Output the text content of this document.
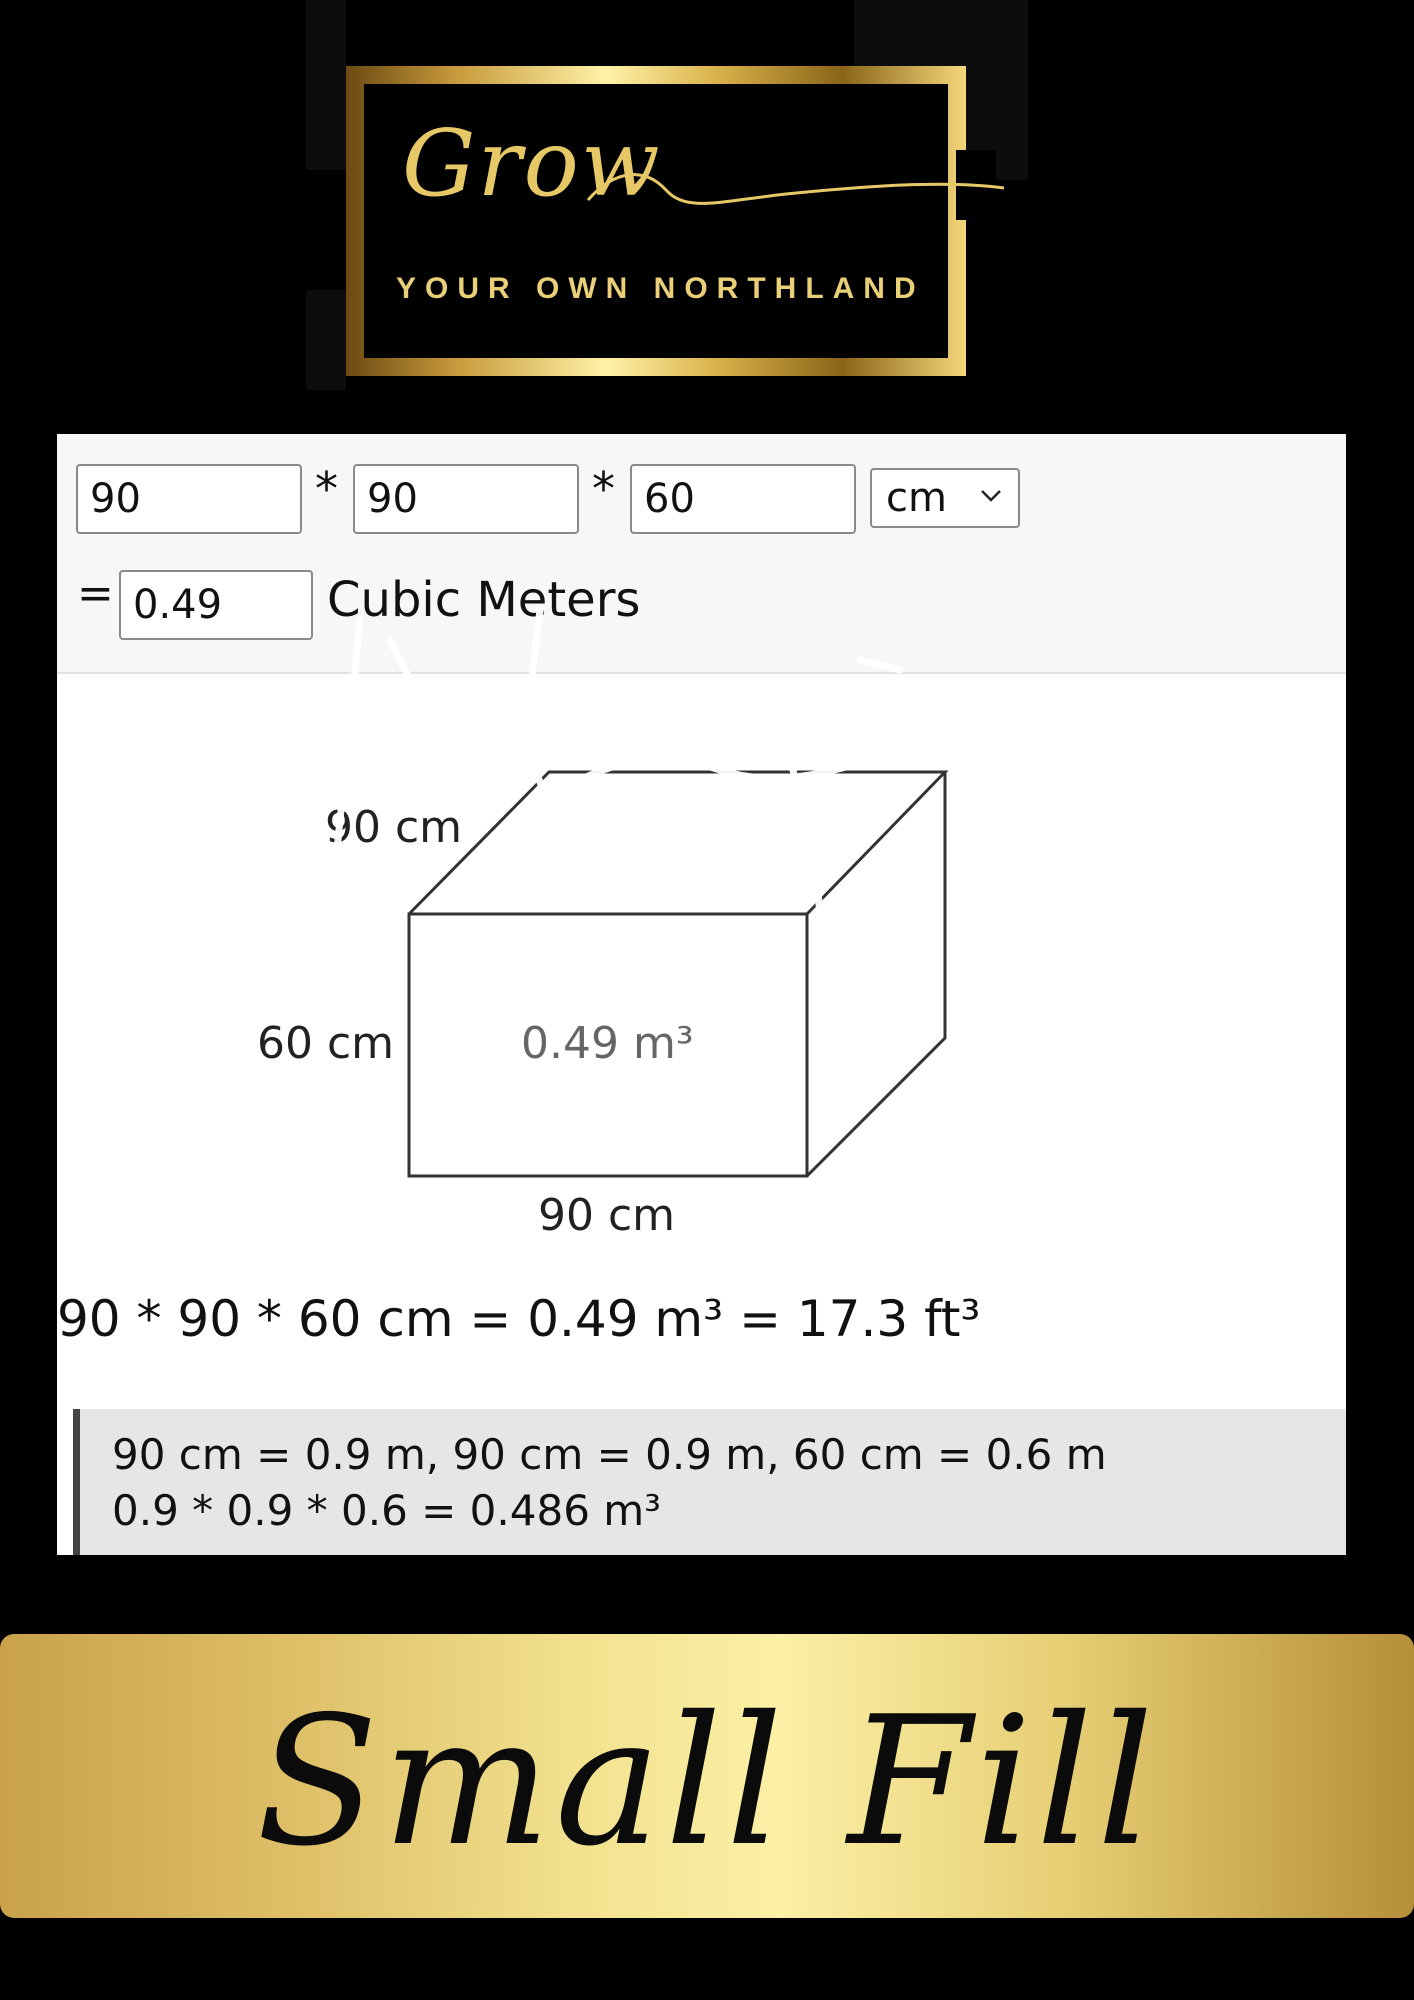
Grow
YOUR OWN NORTHLAND
90
*
90	*
60	cm
=
0.49	Cubic Meters
90 cm
60 cm
90 cm
0.49 m³
90 * 90 * 60 cm = 0.49 m³ = 17.3 ft³
90 cm = 0.9 m, 90 cm = 0.9 m, 60 cm = 0.6 m
0.9 * 0.9 * 0.6 = 0.486 m³
Small Fill
